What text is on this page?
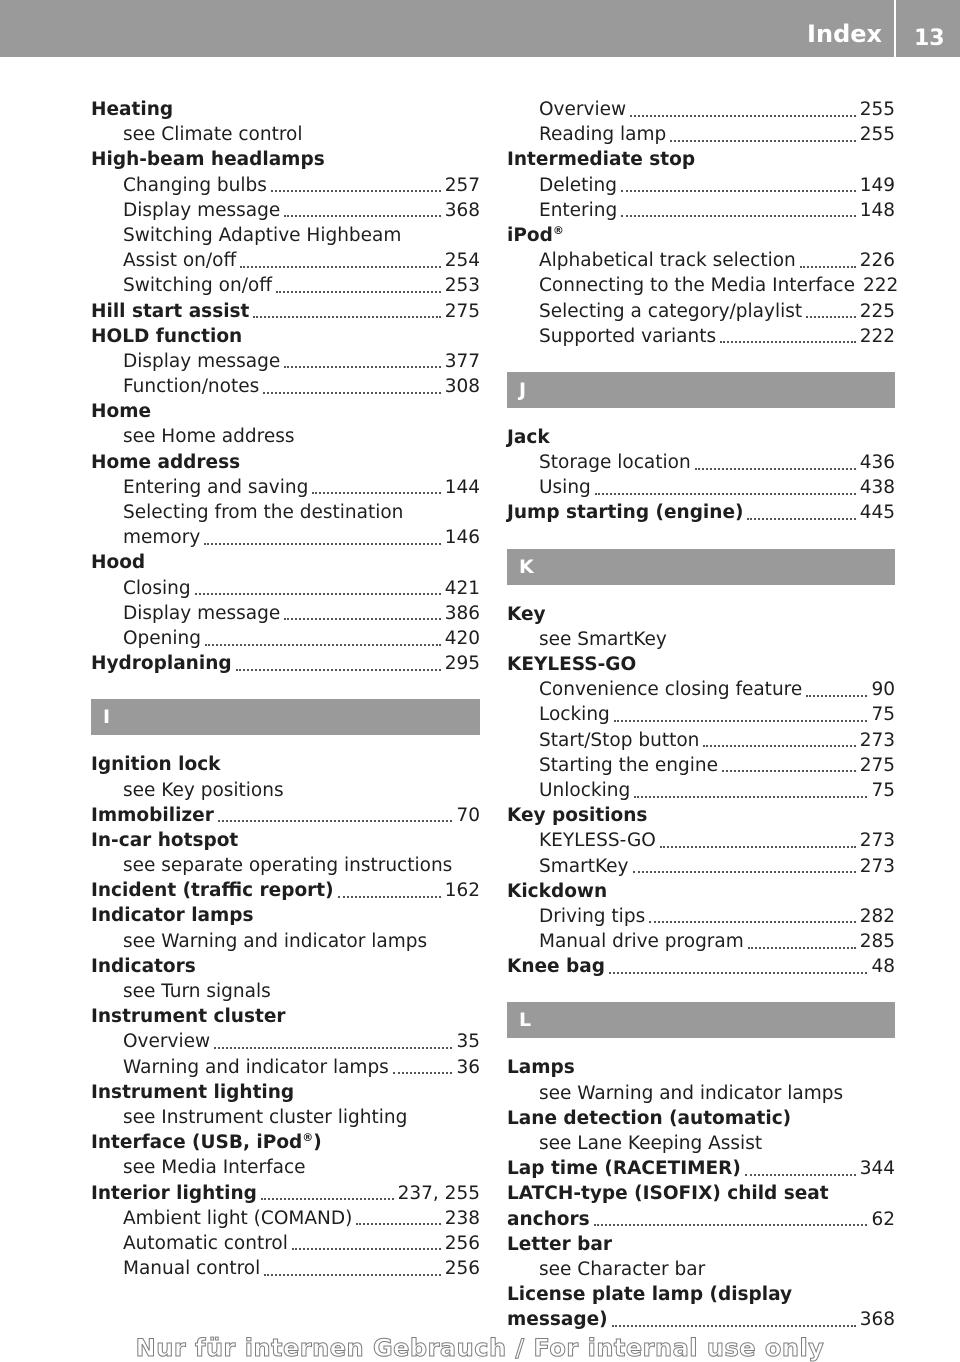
Index 13
Heating
see Climate control
High-beam headlamps
Changing bulbs	257
Display message	368
Switching Adaptive Highbeam
Assist on/off	254
Switching on/off	253
Hill start assist	275
HOLD function
Display message	377
Function/notes	308
Home
see Home address
Home address
Entering and saving	144
Selecting from the destination
memory	146
Hood
Closing	421
Display message	386
Opening	420
Hydroplaning	295
I
Ignition lock
see Key positions
Immobilizer	70
In-car hotspot
see separate operating instructions
Incident (traffic report)	162
Indicator lamps
see Warning and indicator lamps
Indicators
see Turn signals
Instrument cluster
Overview	35
Warning and indicator lamps	36
Instrument lighting
see Instrument cluster lighting
Interface (USB, iPod®)
see Media Interface
Interior lighting	237, 255
Ambient light (COMAND)	238
Automatic control	256
Manual control	256
Overview	255
Reading lamp	255
Intermediate stop
Deleting	149
Entering	148
iPod®
Alphabetical track selection	226
Connecting to the Media Interface 222
Selecting a category/playlist	225
Supported variants	222
J
Jack
Storage location	436
Using	438
Jump starting (engine)	445
K
Key
see SmartKey
KEYLESS-GO
Convenience closing feature	90
Locking	75
Start/Stop button	273
Starting the engine	275
Unlocking	75
Key positions
KEYLESS-GO	273
SmartKey	273
Kickdown
Driving tips	282
Manual drive program	285
Knee bag	48
L
Lamps
see Warning and indicator lamps
Lane detection (automatic)
see Lane Keeping Assist
Lap time (RACETIMER)	344
LATCH-type (ISOFIX) child seat
anchors	62
Letter bar
see Character bar
License plate lamp (display
message)	368
Nur für internen Gebrauch / For internal use only
